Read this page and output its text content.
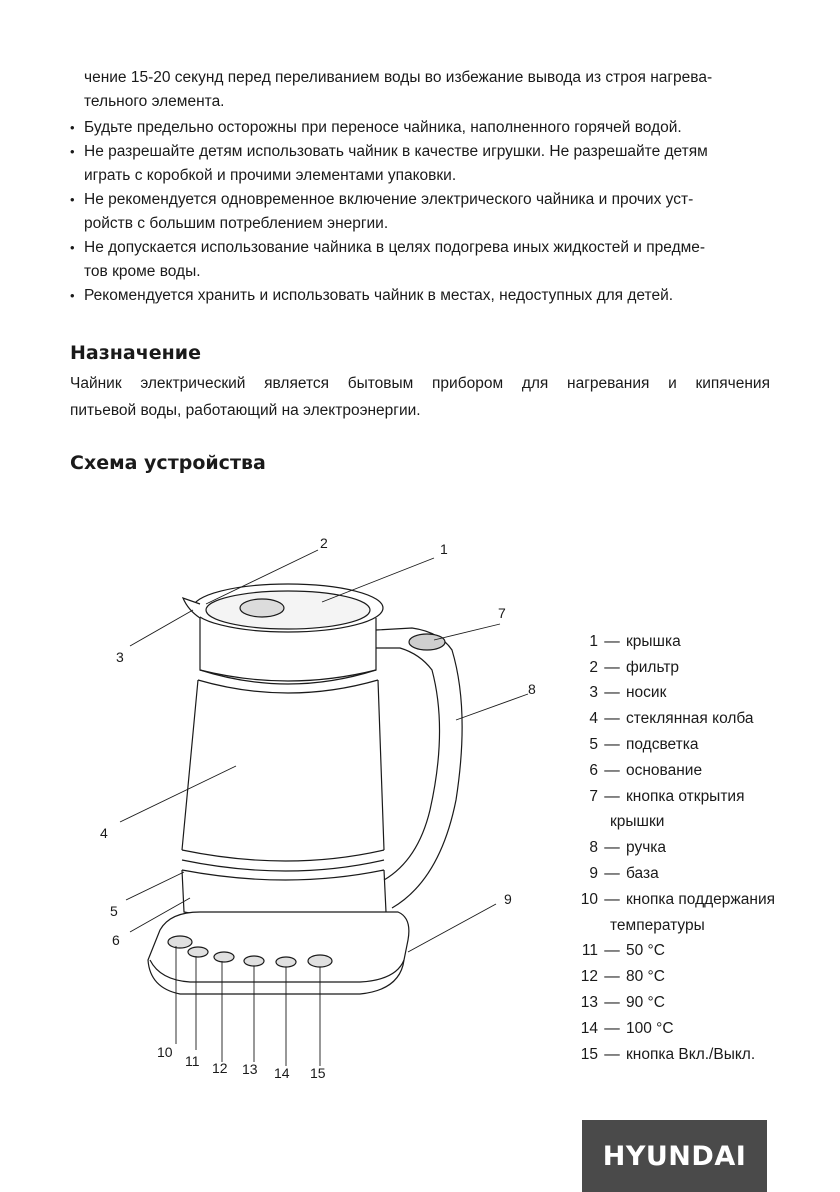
чение 15-20 секунд перед переливанием воды во избежание вывода из строя нагрева-
тельного элемента.
• Будьте предельно осторожны при переносе чайника, наполненного горячей водой.
• Не разрешайте детям использовать чайник в качестве игрушки. Не разрешайте детям
играть с коробкой и прочими элементами упаковки.
• Не рекомендуется одновременное включение электрического чайника и прочих уст-
ройств с большим потреблением энергии.
• Не допускается использование чайника в целях подогрева иных жидкостей и предме-
тов кроме воды.
• Рекомендуется хранить и использовать чайник в местах, недоступных для детей.
Назначение
Чайник электрический является бытовым прибором для нагревания и кипячения
питьевой воды, работающий на электроэнергии.
Схема устройства
2	1
3
4
5
6
7
8
9
10
11 12 13 14 15
1 — крышка
2 — фильтр
3 — носик
4 — стеклянная колба
5 — подсветка
6 — основание
7 — кнопка открытия
крышки
8 — ручка
9 — база
10 — кнопка поддержания
температуры
11 — 50 °C
12 — 80 °C
13 — 90 °C
14 — 100 °C
15 — кнопка Вкл./Выкл.
HYUNDAI
